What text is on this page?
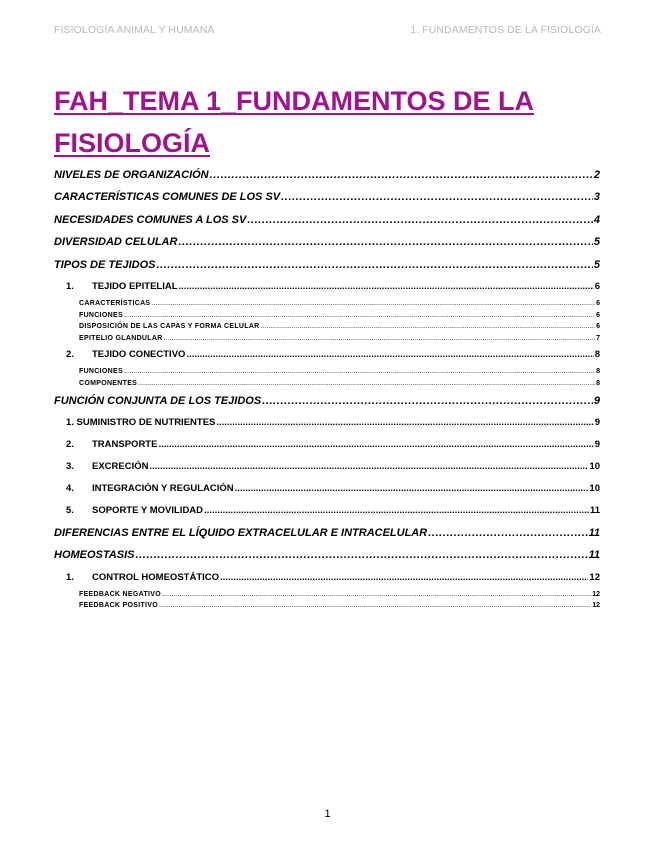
FISIOLOGÍA ANIMAL Y HUMANA	1. FUNDAMENTOS DE LA FISIOLOGÍA
FAH_TEMA 1_FUNDAMENTOS DE LA FISIOLOGÍA
NIVELES DE ORGANIZACIÓN .....	2
CARACTERÍSTICAS COMUNES DE LOS SV .....	3
NECESIDADES COMUNES A LOS SV .....	4
DIVERSIDAD CELULAR .....	5
TIPOS DE TEJIDOS .....	5
1. TEJIDO EPITELIAL .....	6
CARACTERÍSTICAS .....	6
FUNCIONES .....	6
DISPOSICIÓN DE LAS CAPAS Y FORMA CELULAR .....	6
EPITELIO GLANDULAR .....	7
2. TEJIDO CONECTIVO .....	8
FUNCIONES .....	8
COMPONENTES .....	8
FUNCIÓN CONJUNTA DE LOS TEJIDOS .....	9
1. SUMINISTRO DE NUTRIENTES .....	9
2. TRANSPORTE .....	9
3. EXCRECIÓN .....	10
4. INTEGRACIÓN Y REGULACIÓN .....	10
5. SOPORTE Y MOVILIDAD .....	11
DIFERENCIAS ENTRE EL LÍQUIDO EXTRACELULAR E INTRACELULAR .....	11
HOMEOSTASIS .....	11
1. CONTROL HOMEOSTÁTICO .....	12
FEEDBACK NEGATIVO .....	12
FEEDBACK POSITIVO .....	12
1
